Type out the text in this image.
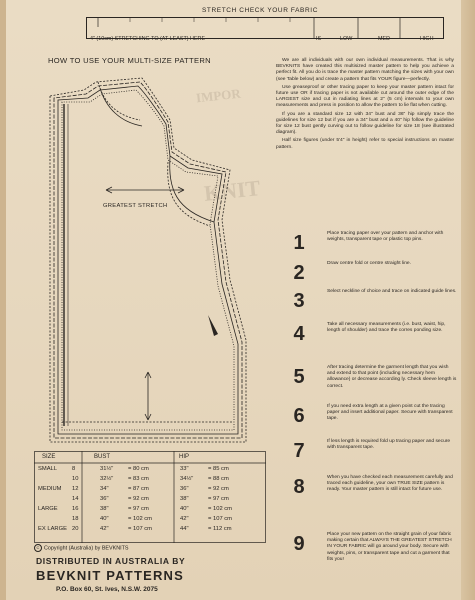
IMPOR
KNIT
STRETCH CHECK YOUR FABRIC
4" (10cm) STRETCHING TO (AT LEAST) HERE	--------------------------------------- IS	LOW	MED	HIGH
HOW TO USE YOUR MULTI-SIZE PATTERN
GREATEST STRETCH

We are all individuals with our own individual measurements. That is why BEVKNITS have created this multisized master pattern to help you achieve a perfect fit. All you do is trace the master pattern matching the sizes with your own (see Table below) and create a pattern that fits YOUR figure—perfectly.

Use greaseproof or other tracing paper to keep your master pattern intact for future use OR if tracing paper is not available cut around the outer edge of the LARGEST size and cut in radiating lines at 2" (5 cm) intervals to your own measurements and press in position to allow the pattern to lie flat when cutting.

If you are a standard size 12 with 34" bust and 36" hip simply trace the guidelines for size 12 but if you are a 34" bust and a 40" hip follow the guideline for size 12 bust gently curving out to follow guideline for size 18 (see illustrated diagram).

Half size figures (under 5'4" in height) refer to special instructions on master pattern.

1	Place tracing paper over your pattern and anchor with weights, transparent tape or plastic top pins.
2	Draw centre fold or centre straight line.
3	Select neckline of choice and trace on indicated guide lines.
4	Take all necessary measurements (i.e. bust, waist, hip, length of shoulder) and trace the corres ponding size.
5	After tracing determine the garment length that you wish and extend to that point (including necessary hem allowance) or decrease according ly. Check sleeve length is correct.
6	If you need extra length at a given point cut the tracing paper and insert additional paper. Secure with transparent tape.
7	If less length is required fold up tracing paper and secure with transparent tape.
8	When you have checked each measurement carefully and traced each guideline, your own TRUE SIZE pattern is ready. Your master pattern is still intact for future use.
9	Place your new pattern on the straight grain of your fabric making certain that ALWAYS THE GREATEST STRETCH IN YOUR FABRIC will go around your body. Secure with weights, pins, or transparent tape and cut a garment that fits you!
SIZE	BUST	HIP
SMALL	8	31½"	= 80 cm	33"	= 85 cm
10	32½"	= 83 cm	34½"	= 88 cm
MEDIUM 12	34"	= 87 cm	36"	= 92 cm
14	36"	= 92 cm	38"	= 97 cm
LARGE 16	38"	= 97 cm	40"	= 102 cm
18	40"	= 102 cm	42"	= 107 cm
EX LARGE 20	42"	= 107 cm	44"	= 112 cm
C Copyright (Australia) by BEVKNITS
DISTRIBUTED IN AUSTRALIA BY
BEVKNIT PATTERNS
P.O. Box 60, St. Ives, N.S.W. 2075
